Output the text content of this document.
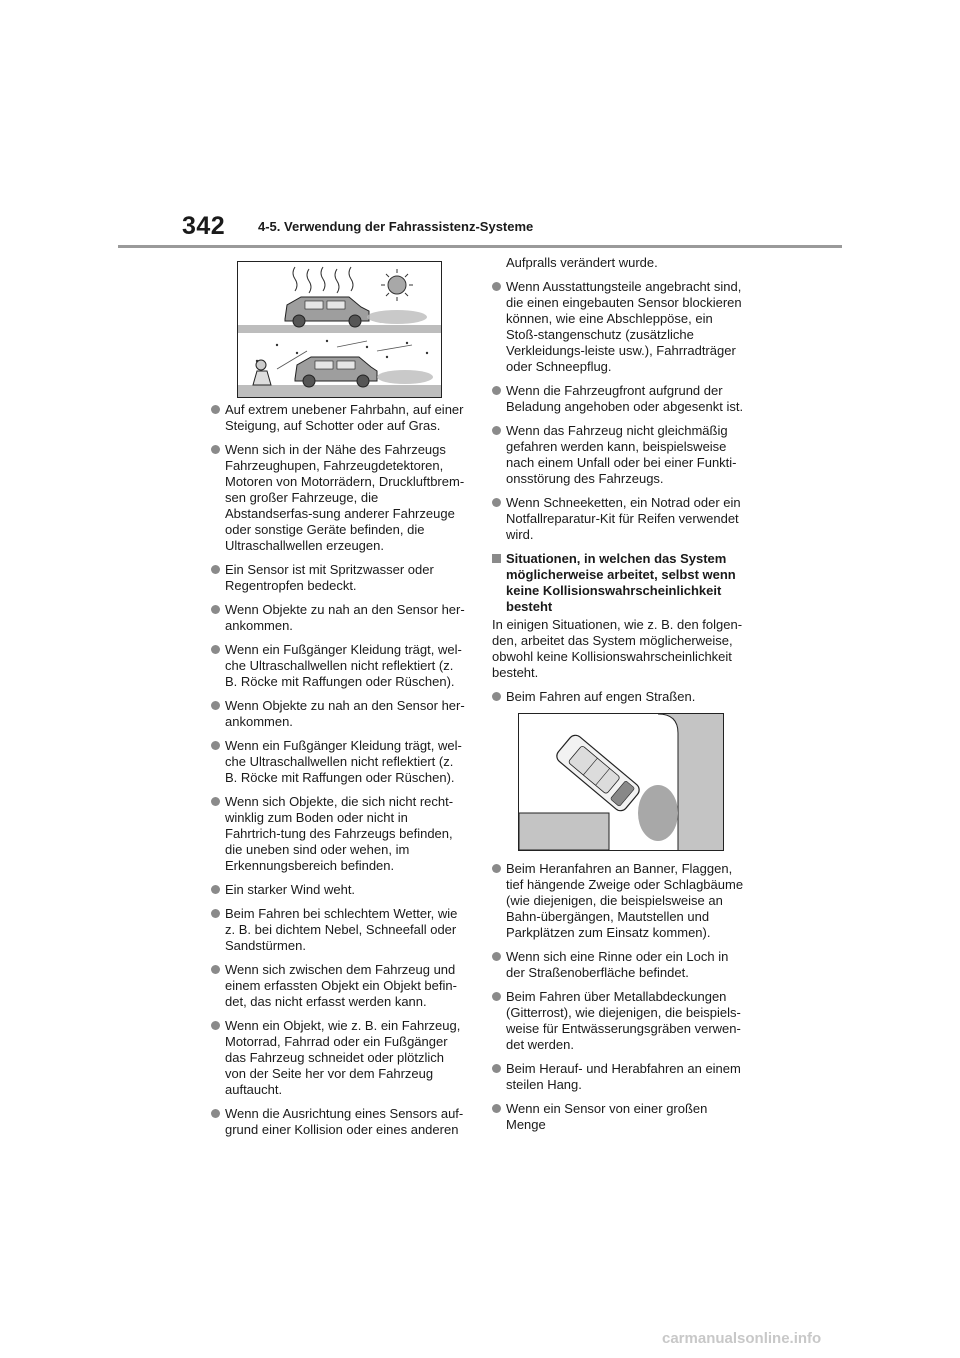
342	4-5. Verwendung der Fahrassistenz-Systeme
Auf extrem unebener Fahrbahn, auf einer Steigung, auf Schotter oder auf Gras.
Wenn sich in der Nähe des Fahrzeugs Fahrzeughupen, Fahrzeugdetektoren, Motoren von Motorrädern, Druckluftbrem-sen großer Fahrzeuge, die Abstandserfas-sung anderer Fahrzeuge oder sonstige Geräte befinden, die Ultraschallwellen erzeugen.
Ein Sensor ist mit Spritzwasser oder Regentropfen bedeckt.
Wenn Objekte zu nah an den Sensor her-ankommen.
Wenn ein Fußgänger Kleidung trägt, wel-che Ultraschallwellen nicht reflektiert (z. B. Röcke mit Raffungen oder Rüschen).
Wenn Objekte zu nah an den Sensor her-ankommen.
Wenn ein Fußgänger Kleidung trägt, wel-che Ultraschallwellen nicht reflektiert (z. B. Röcke mit Raffungen oder Rüschen).
Wenn sich Objekte, die sich nicht recht-winklig zum Boden oder nicht in Fahrtrich-tung des Fahrzeugs befinden, die uneben sind oder wehen, im Erkennungsbereich befinden.
Ein starker Wind weht.
Beim Fahren bei schlechtem Wetter, wie z. B. bei dichtem Nebel, Schneefall oder Sandstürmen.
Wenn sich zwischen dem Fahrzeug und einem erfassten Objekt ein Objekt befin-det, das nicht erfasst werden kann.
Wenn ein Objekt, wie z. B. ein Fahrzeug, Motorrad, Fahrrad oder ein Fußgänger das Fahrzeug schneidet oder plötzlich von der Seite her vor dem Fahrzeug auftaucht.
Wenn die Ausrichtung eines Sensors auf-grund einer Kollision oder eines anderen
Aufpralls verändert wurde.
Wenn Ausstattungsteile angebracht sind, die einen eingebauten Sensor blockieren können, wie eine Abschleppöse, ein Stoß-stangenschutz (zusätzliche Verkleidungs-leiste usw.), Fahrradträger oder Schneepflug.
Wenn die Fahrzeugfront aufgrund der Beladung angehoben oder abgesenkt ist.
Wenn das Fahrzeug nicht gleichmäßig gefahren werden kann, beispielsweise nach einem Unfall oder bei einer Funkti-onsstörung des Fahrzeugs.
Wenn Schneeketten, ein Notrad oder ein Notfallreparatur-Kit für Reifen verwendet wird.
Situationen, in welchen das System möglicherweise arbeitet, selbst wenn keine Kollisionswahrscheinlichkeit besteht
In einigen Situationen, wie z. B. den folgen-den, arbeitet das System möglicherweise, obwohl keine Kollisionswahrscheinlichkeit besteht.
Beim Fahren auf engen Straßen.
Beim Heranfahren an Banner, Flaggen, tief hängende Zweige oder Schlagbäume (wie diejenigen, die beispielsweise an Bahn-übergängen, Mautstellen und Parkplätzen zum Einsatz kommen).
Wenn sich eine Rinne oder ein Loch in der Straßenoberfläche befindet.
Beim Fahren über Metallabdeckungen (Gitterrost), wie diejenigen, die beispiels-weise für Entwässerungsgräben verwen-det werden.
Beim Herauf- und Herabfahren an einem steilen Hang.
Wenn ein Sensor von einer großen Menge
carmanualsonline.info
